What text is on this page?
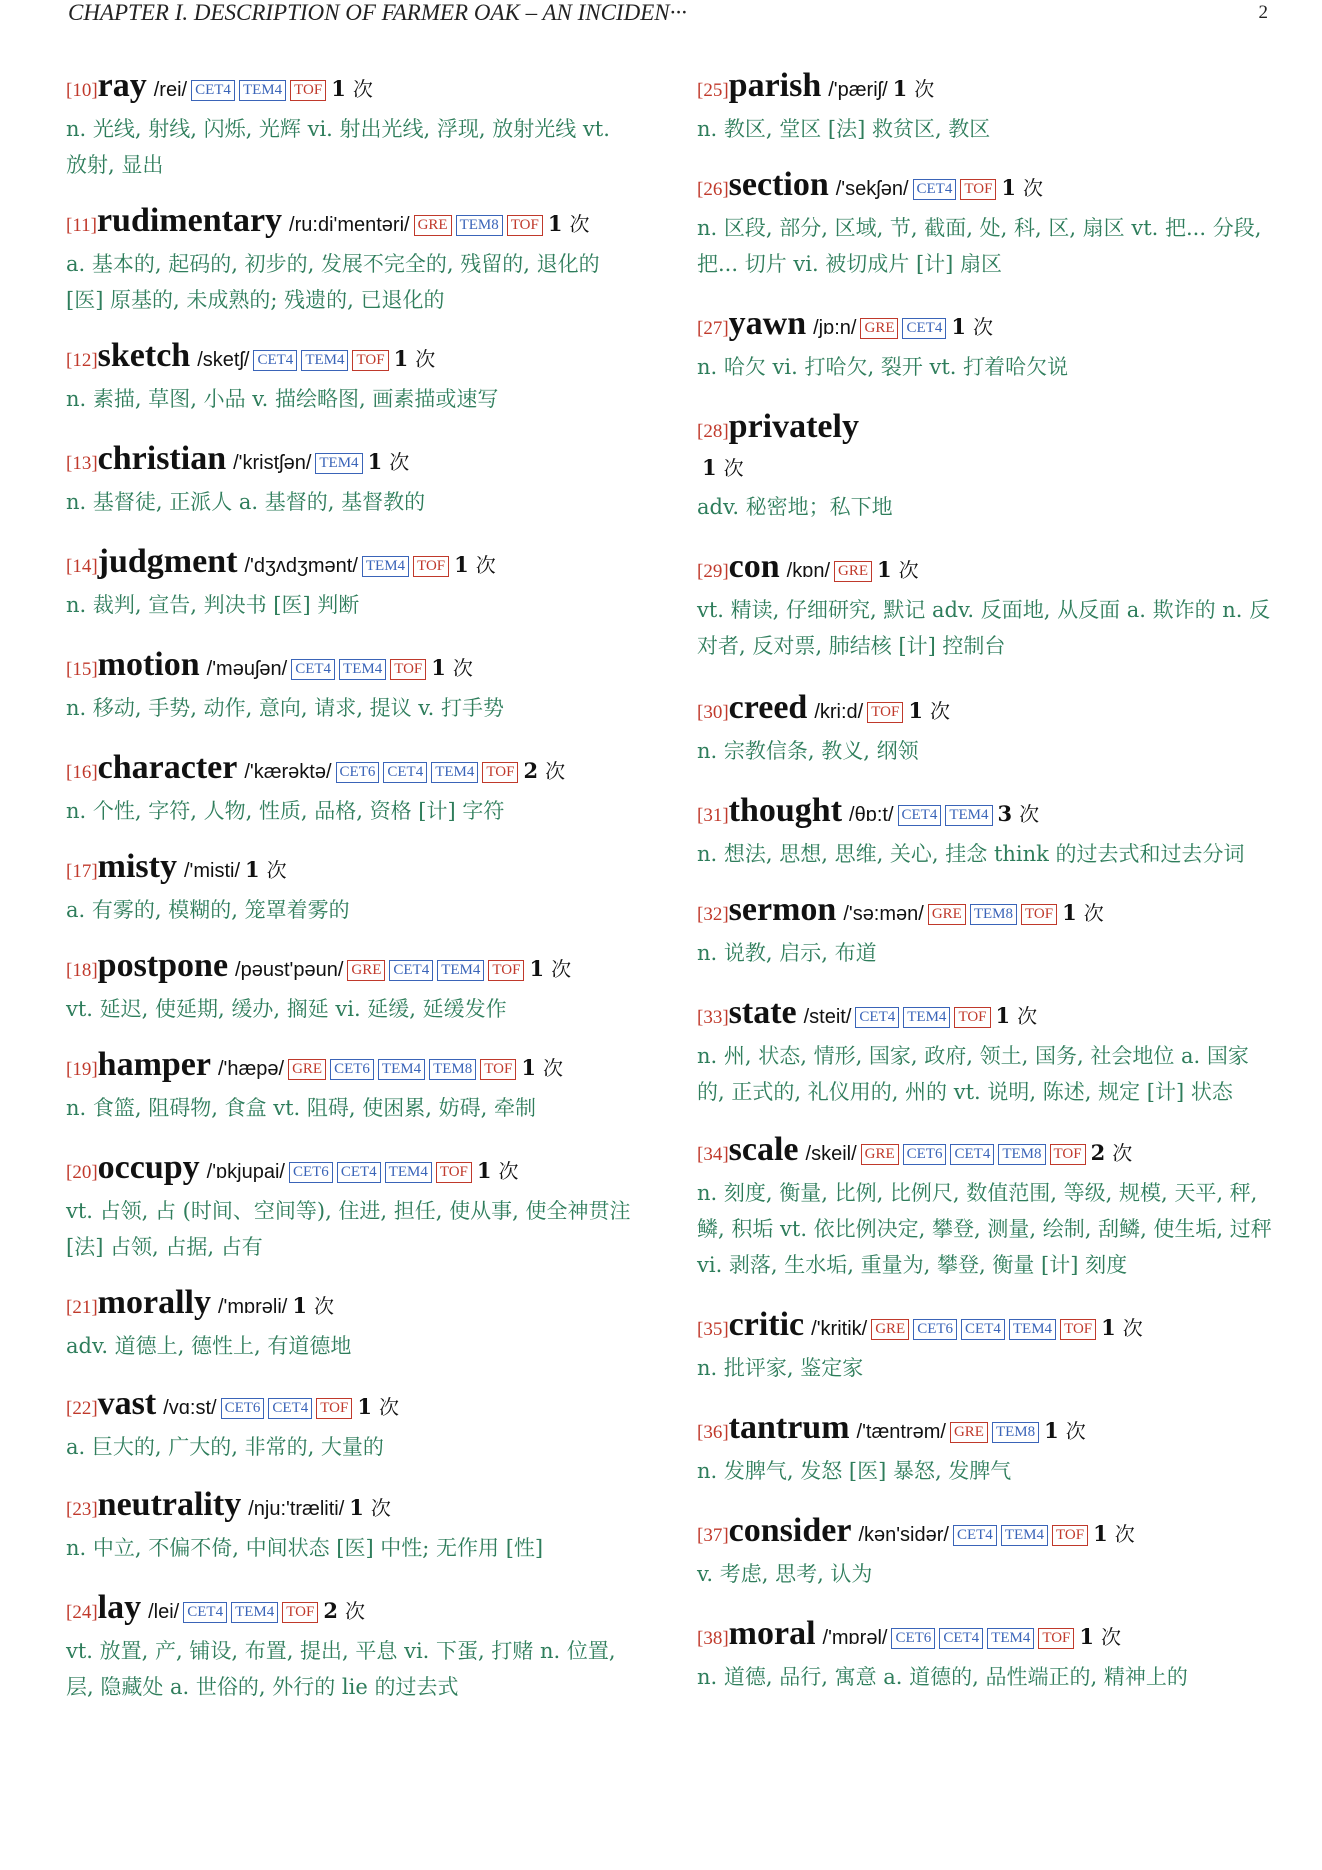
CHAPTER I. DESCRIPTION OF FARMER OAK – AN INCIDEN···	2
[10]ray /rei/ CET4 TEM4 TOF 1 次
n. 光线, 射线, 闪烁, 光辉 vi. 射出光线, 浮现, 放射光线 vt. 放射, 显出
[11]rudimentary /ru:di'mentəri/ GRE TEM8 TOF 1 次
a. 基本的, 起码的, 初步的, 发展不完全的, 残留的, 退化的 [医] 原基的, 未成熟的; 残遗的, 已退化的
[12]sketch /sketʃ/ CET4 TEM4 TOF 1 次
n. 素描, 草图, 小品 v. 描绘略图, 画素描或速写
[13]christian /'kristʃən/ TEM4 1 次
n. 基督徒, 正派人 a. 基督的, 基督教的
[14]judgment /'dʒʌdʒmənt/ TEM4 TOF 1 次
n. 裁判, 宣告, 判决书 [医] 判断
[15]motion /'məuʃən/ CET4 TEM4 TOF 1 次
n. 移动, 手势, 动作, 意向, 请求, 提议 v. 打手势
[16]character /'kærəktə/ CET6 CET4 TEM4 TOF 2 次
n. 个性, 字符, 人物, 性质, 品格, 资格 [计] 字符
[17]misty /'misti/ 1 次
a. 有雾的, 模糊的, 笼罩着雾的
[18]postpone /pəust'pəun/ GRE CET4 TEM4 TOF 1 次
vt. 延迟, 使延期, 缓办, 搁延 vi. 延缓, 延缓发作
[19]hamper /'hæpə/ GRE CET6 TEM4 TEM8 TOF 1 次
n. 食篮, 阻碍物, 食盒 vt. 阻碍, 使困累, 妨碍, 牵制
[20]occupy /'ɒkjupai/ CET6 CET4 TEM4 TOF 1 次
vt. 占领, 占 (时间、空间等), 住进, 担任, 使从事, 使全神贯注 [法] 占领, 占据, 占有
[21]morally /'mɒrəli/ 1 次
adv. 道德上, 德性上, 有道德地
[22]vast /vɑ:st/ CET6 CET4 TOF 1 次
a. 巨大的, 广大的, 非常的, 大量的
[23]neutrality /nju:'træliti/ 1 次
n. 中立, 不偏不倚, 中间状态 [医] 中性; 无作用 [性]
[24]lay /lei/ CET4 TEM4 TOF 2 次
vt. 放置, 产, 铺设, 布置, 提出, 平息 vi. 下蛋, 打赌 n. 位置, 层, 隐藏处 a. 世俗的, 外行的 lie 的过去式
[25]parish /'pæriʃ/ 1 次
n. 教区, 堂区 [法] 救贫区, 教区
[26]section /'sekʃən/ CET4 TOF 1 次
n. 区段, 部分, 区域, 节, 截面, 处, 科, 区, 扇区 vt. 把... 分段, 把... 切片 vi. 被切成片 [计] 扇区
[27]yawn /jɒ:n/ GRE CET4 1 次
n. 哈欠 vi. 打哈欠, 裂开 vt. 打着哈欠说
[28]privately
1 次
adv. 秘密地；私下地
[29]con /kɒn/ GRE 1 次
vt. 精读, 仔细研究, 默记 adv. 反面地, 从反面 a. 欺诈的 n. 反对者, 反对票, 肺结核 [计] 控制台
[30]creed /kri:d/ TOF 1 次
n. 宗教信条, 教义, 纲领
[31]thought /θɒ:t/ CET4 TEM4 3 次
n. 想法, 思想, 思维, 关心, 挂念 think 的过去式和过去分词
[32]sermon /'sə:mən/ GRE TEM8 TOF 1 次
n. 说教, 启示, 布道
[33]state /steit/ CET4 TEM4 TOF 1 次
n. 州, 状态, 情形, 国家, 政府, 领土, 国务, 社会地位 a. 国家的, 正式的, 礼仪用的, 州的 vt. 说明, 陈述, 规定 [计] 状态
[34]scale /skeil/ GRE CET6 CET4 TEM8 TOF 2 次
n. 刻度, 衡量, 比例, 比例尺, 数值范围, 等级, 规模, 天平, 秤, 鳞, 积垢 vt. 依比例决定, 攀登, 测量, 绘制, 刮鳞, 使生垢, 过秤 vi. 剥落, 生水垢, 重量为, 攀登, 衡量 [计] 刻度
[35]critic /'kritik/ GRE CET6 CET4 TEM4 TOF 1 次
n. 批评家, 鉴定家
[36]tantrum /'tæntrəm/ GRE TEM8 1 次
n. 发脾气, 发怒 [医] 暴怒, 发脾气
[37]consider /kən'sidər/ CET4 TEM4 TOF 1 次
v. 考虑, 思考, 认为
[38]moral /'mɒrəl/ CET6 CET4 TEM4 TOF 1 次
n. 道德, 品行, 寓意 a. 道德的, 品性端正的, 精神上的
